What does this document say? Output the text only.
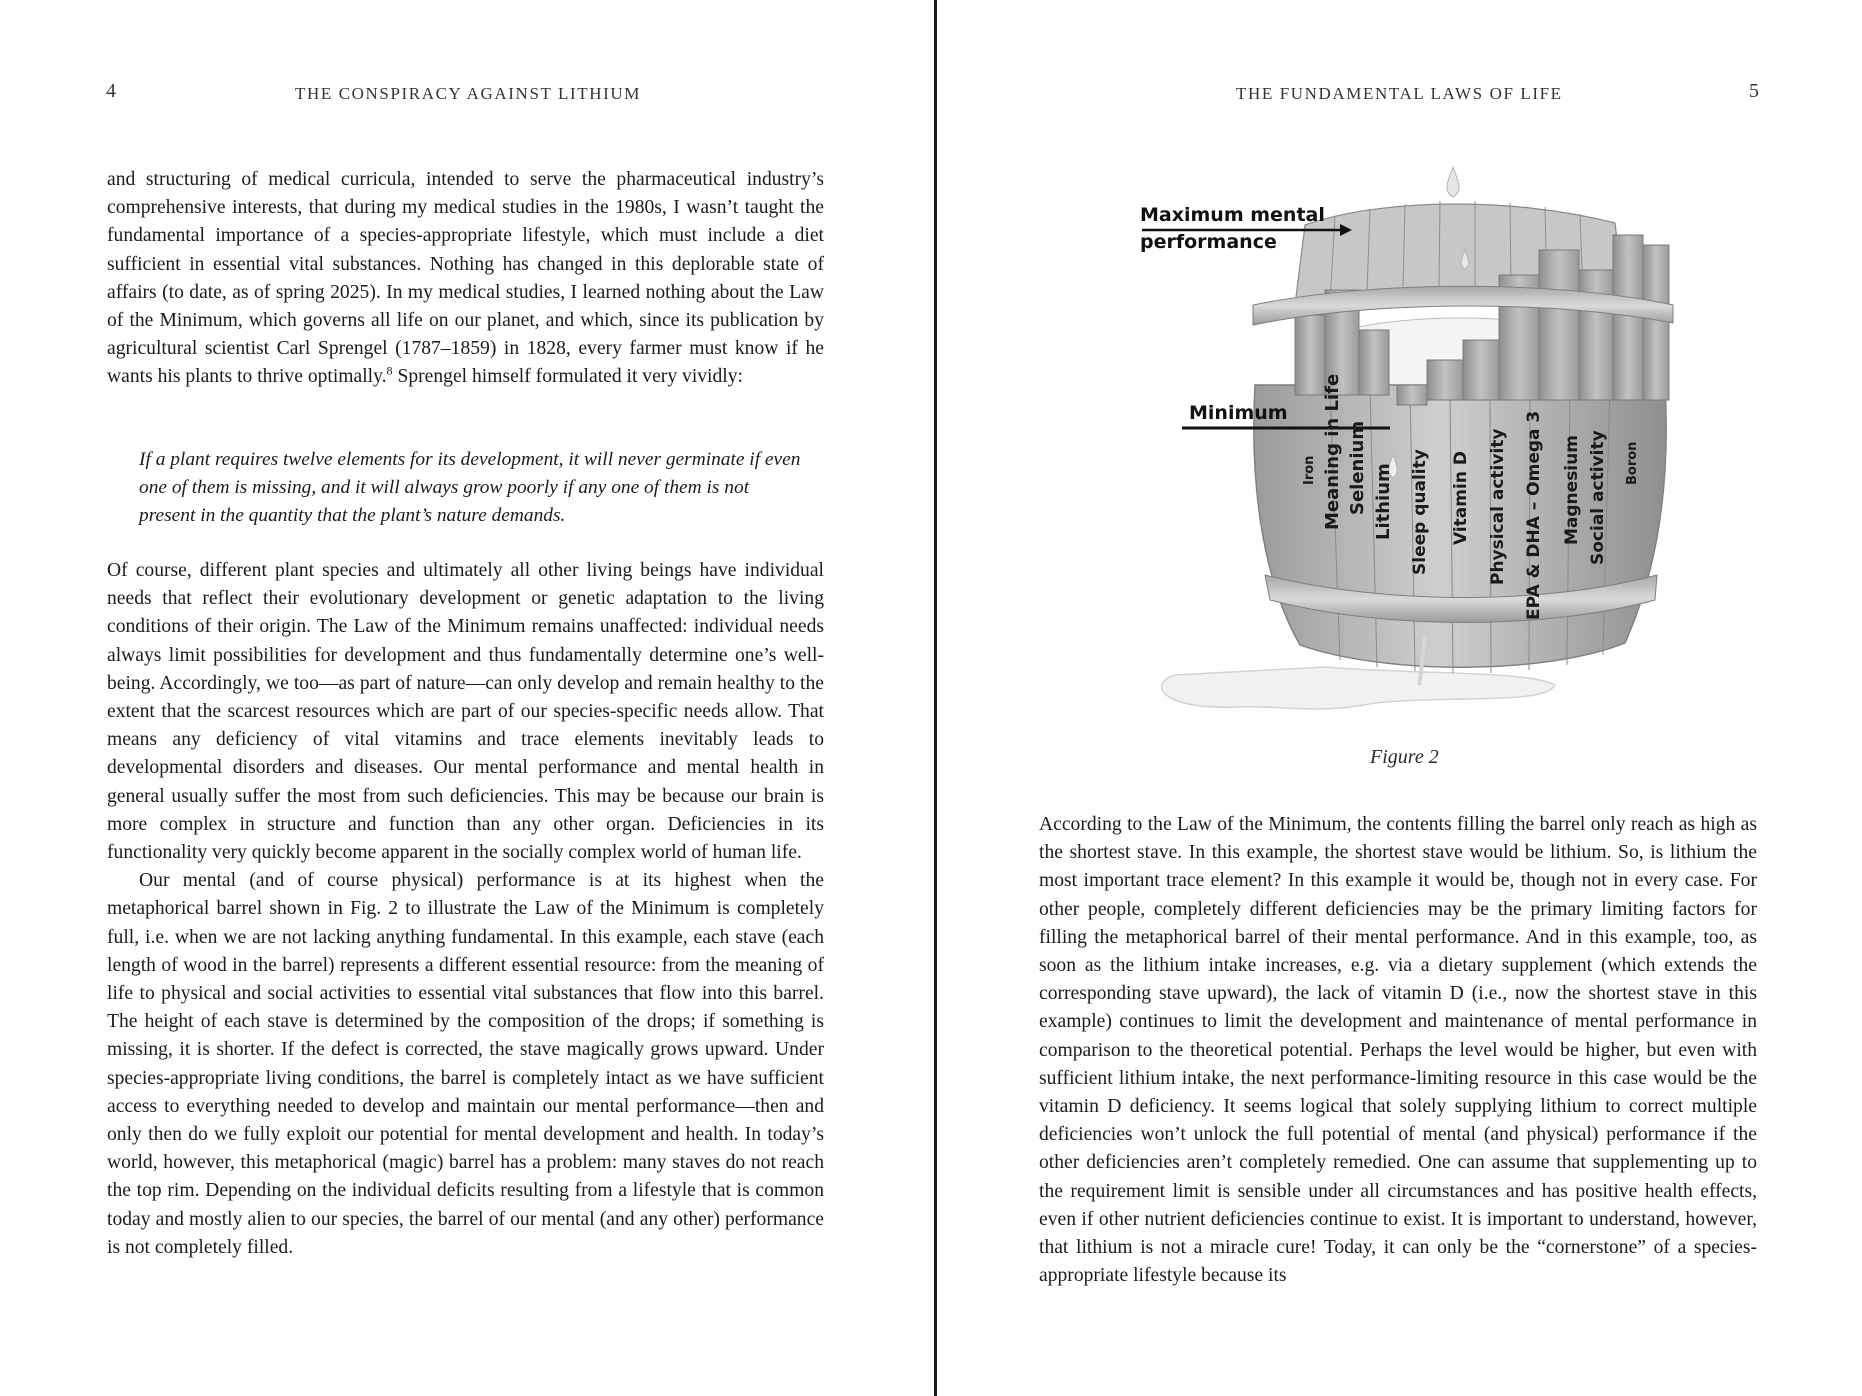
4	THE CONSPIRACY AGAINST LITHIUM

and structuring of medical curricula, intended to serve the pharmaceutical industry’s comprehensive interests, that during my medical studies in the 1980s, I wasn’t taught the fundamental importance of a species-appropriate lifestyle, which must include a diet sufficient in essential vital substances. Nothing has changed in this deplorable state of affairs (to date, as of spring 2025). In my medical studies, I learned nothing about the Law of the Minimum, which governs all life on our planet, and which, since its publication by agricultural scientist Carl Sprengel (1787–1859) in 1828, every farmer must know if he wants his plants to thrive optimally.$^8$ Sprengel himself formulated it very vividly:

If a plant requires twelve elements for its development, it will never germinate if even one of them is missing, and it will always grow poorly if any one of them is not present in the quantity that the plant’s nature demands.

Of course, different plant species and ultimately all other living beings have individual needs that reflect their evolutionary development or genetic adaptation to the living conditions of their origin. The Law of the Minimum remains unaffected: individual needs always limit possibilities for development and thus fundamentally determine one’s well-being. Accordingly, we too—as part of nature—can only develop and remain healthy to the extent that the scarcest resources which are part of our species-specific needs allow. That means any deficiency of vital vitamins and trace elements inevitably leads to developmental disorders and diseases. Our mental performance and mental health in general usually suffer the most from such deficiencies. This may be because our brain is more complex in structure and function than any other organ. Deficiencies in its functionality very quickly become apparent in the socially complex world of human life.

Our mental (and of course physical) performance is at its highest when the metaphorical barrel shown in Fig. 2 to illustrate the Law of the Minimum is completely full, i.e. when we are not lacking anything fundamental. In this example, each stave (each length of wood in the barrel) represents a different essential resource: from the meaning of life to physical and social activities to essential vital substances that flow into this barrel. The height of each stave is determined by the composition of the drops; if something is missing, it is shorter. If the defect is corrected, the stave magically grows upward. Under species-appropriate living conditions, the barrel is completely intact as we have sufficient access to everything needed to develop and maintain our mental performance—then and only then do we fully exploit our potential for mental development and health. In today’s world, however, this metaphorical (magic) barrel has a problem: many staves do not reach the top rim. Depending on the individual deficits resulting from a lifestyle that is common today and mostly alien to our species, the barrel of our mental (and any other) performance is not completely filled.

THE FUNDAMENTAL LAWS OF LIFE	5

According to the Law of the Minimum, the contents filling the barrel only reach as high as the shortest stave. In this example, the shortest stave would be lithium. So, is lithium the most important trace element? In this example it would be, though not in every case. For other people, completely different deficiencies may be the primary limiting factors for filling the metaphorical barrel of their mental performance. And in this example, too, as soon as the lithium intake increases, e.g. via a dietary supplement (which extends the corresponding stave upward), the lack of vitamin D (i.e., now the shortest stave in this example) continues to limit the development and maintenance of mental performance in comparison to the theoretical potential. Perhaps the level would be higher, but even with sufficient lithium intake, the next performance-limiting resource in this case would be the vitamin D deficiency. It seems logical that solely supplying lithium to correct multiple deficiencies won’t unlock the full potential of mental (and physical) performance if the other deficiencies aren’t completely remedied. One can assume that supplementing up to the requirement limit is sensible under all circumstances and has positive health effects, even if other nutrient deficiencies continue to exist. It is important to understand, however, that lithium is not a miracle cure! Today, it can only be the “cornerstone” of a species-appropriate lifestyle because its

Maximum mental
performance
Minimum
Iron Meaning in Life Selenium Lithium Sleep quality Vitamin D Physical activity EPA & DHA – Omega 3 Magnesium Social activity Boron
Figure 2
